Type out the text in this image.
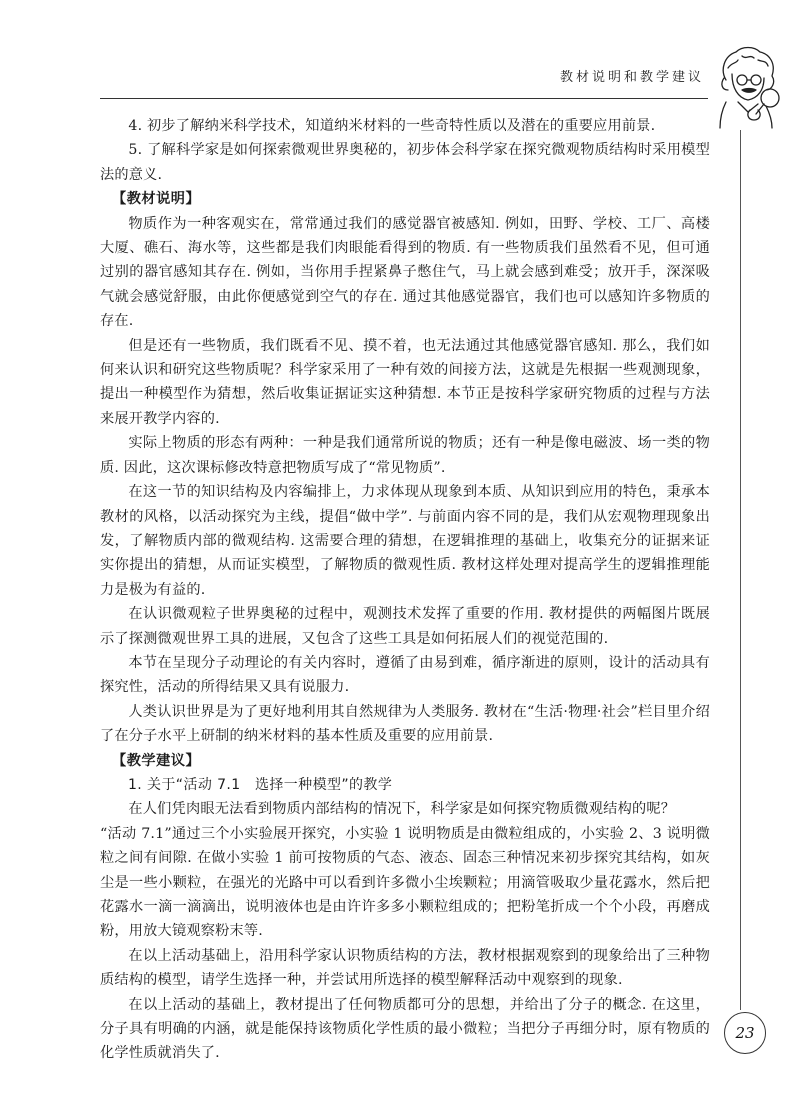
教材说明和教学建议

4. 初步了解纳米科学技术，知道纳米材料的一些奇特性质以及潜在的重要应用前景.

5. 了解科学家是如何探索微观世界奥秘的，初步体会科学家在探究微观物质结构时采用模型法的意义.

【教材说明】

物质作为一种客观实在，常常通过我们的感觉器官被感知. 例如，田野、学校、工厂、高楼大厦、礁石、海水等，这些都是我们肉眼能看得到的物质. 有一些物质我们虽然看不见，但可通过别的器官感知其存在. 例如，当你用手捏紧鼻子憋住气，马上就会感到难受；放开手，深深吸气就会感觉舒服，由此你便感觉到空气的存在. 通过其他感觉器官，我们也可以感知许多物质的存在.

但是还有一些物质，我们既看不见、摸不着，也无法通过其他感觉器官感知. 那么，我们如何来认识和研究这些物质呢？科学家采用了一种有效的间接方法，这就是先根据一些观测现象，提出一种模型作为猜想，然后收集证据证实这种猜想. 本节正是按科学家研究物质的过程与方法来展开教学内容的.

实际上物质的形态有两种：一种是我们通常所说的物质；还有一种是像电磁波、场一类的物质. 因此，这次课标修改特意把物质写成了“常见物质”.

在这一节的知识结构及内容编排上，力求体现从现象到本质、从知识到应用的特色，秉承本教材的风格，以活动探究为主线，提倡“做中学”. 与前面内容不同的是，我们从宏观物理现象出发，了解物质内部的微观结构. 这需要合理的猜想，在逻辑推理的基础上，收集充分的证据来证实你提出的猜想，从而证实模型，了解物质的微观性质. 教材这样处理对提高学生的逻辑推理能力是极为有益的.

在认识微观粒子世界奥秘的过程中，观测技术发挥了重要的作用. 教材提供的两幅图片既展示了探测微观世界工具的进展，又包含了这些工具是如何拓展人们的视觉范围的.

本节在呈现分子动理论的有关内容时，遵循了由易到难，循序渐进的原则，设计的活动具有探究性，活动的所得结果又具有说服力.

人类认识世界是为了更好地利用其自然规律为人类服务. 教材在“生活·物理·社会”栏目里介绍了在分子水平上研制的纳米材料的基本性质及重要的应用前景.

【教学建议】

1. 关于“活动 7.1　选择一种模型”的教学

在人们凭肉眼无法看到物质内部结构的情况下，科学家是如何探究物质微观结构的呢？

“活动 7.1”通过三个小实验展开探究，小实验 1 说明物质是由微粒组成的，小实验 2、3 说明微粒之间有间隙. 在做小实验 1 前可按物质的气态、液态、固态三种情况来初步探究其结构，如灰尘是一些小颗粒，在强光的光路中可以看到许多微小尘埃颗粒；用滴管吸取少量花露水，然后把花露水一滴一滴滴出，说明液体也是由许许多多小颗粒组成的；把粉笔折成一个个小段，再磨成粉，用放大镜观察粉末等.

在以上活动基础上，沿用科学家认识物质结构的方法，教材根据观察到的现象给出了三种物质结构的模型，请学生选择一种，并尝试用所选择的模型解释活动中观察到的现象.

在以上活动的基础上，教材提出了任何物质都可分的思想，并给出了分子的概念. 在这里，分子具有明确的内涵，就是能保持该物质化学性质的最小微粒；当把分子再细分时，原有物质的化学性质就消失了.

23
